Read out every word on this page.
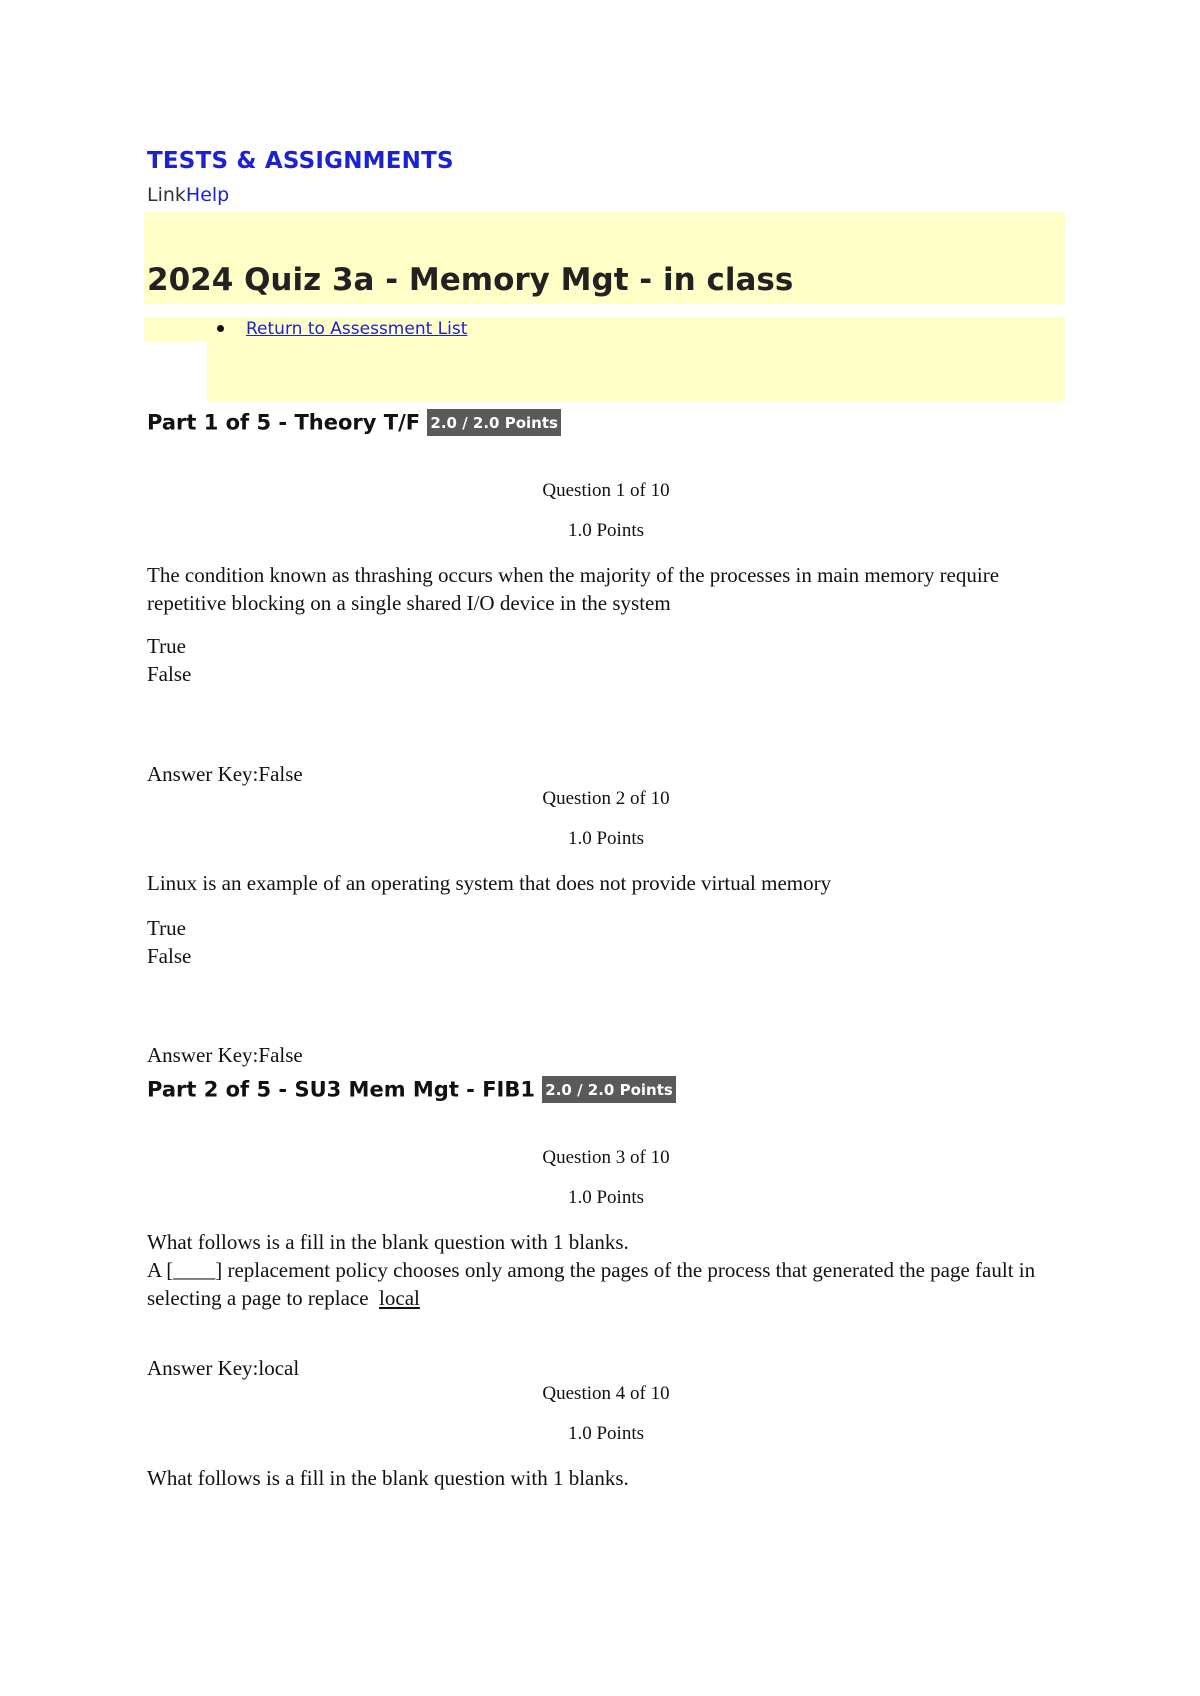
TESTS & ASSIGNMENTS
LinkHelp
2024 Quiz 3a - Memory Mgt - in class
Return to Assessment List
Part 1 of 5 - Theory T/F 2.0 / 2.0 Points
Question 1 of 10
1.0 Points
The condition known as thrashing occurs when the majority of the processes in main memory require repetitive blocking on a single shared I/O device in the system
True
False
Answer Key:False
Question 2 of 10
1.0 Points
Linux is an example of an operating system that does not provide virtual memory
True
False
Answer Key:False
Part 2 of 5 - SU3 Mem Mgt - FIB1 2.0 / 2.0 Points
Question 3 of 10
1.0 Points
What follows is a fill in the blank question with 1 blanks.
A [____] replacement policy chooses only among the pages of the process that generated the page fault in selecting a page to replace local
Answer Key:local
Question 4 of 10
1.0 Points
What follows is a fill in the blank question with 1 blanks.
